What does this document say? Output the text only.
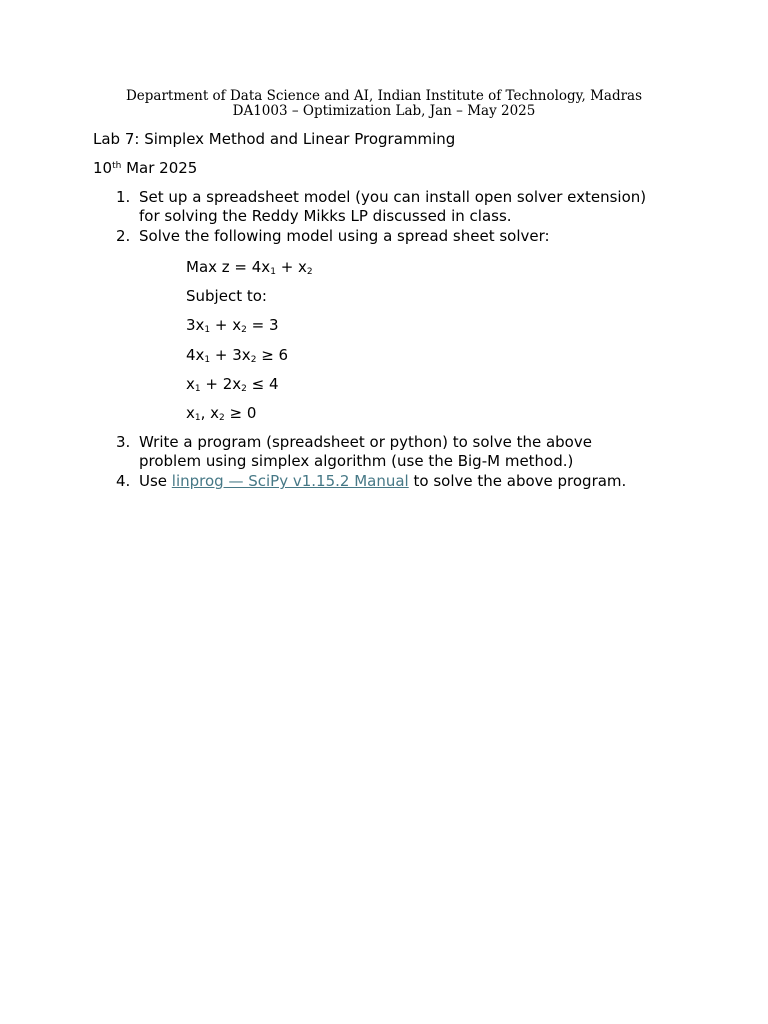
Department of Data Science and AI, Indian Institute of Technology, Madras
DA1003 – Optimization Lab, Jan – May 2025
Lab 7: Simplex Method and Linear Programming
10th Mar 2025
1. Set up a spreadsheet model (you can install open solver extension)
for solving the Reddy Mikks LP discussed in class.
2. Solve the following model using a spread sheet solver:
Max $z = 4x_1 + x_2$
Subject to:
$3x_1 + x_2 = 3$
$4x_1 + 3x_2 \ge 6$
$x_1 + 2x_2 \le 4$
$x_1$, $x_2 \ge 0$
3. Write a program (spreadsheet or python) to solve the above
problem using simplex algorithm (use the Big-M method.)
4. Use linprog — SciPy v1.15.2 Manual to solve the above program.
